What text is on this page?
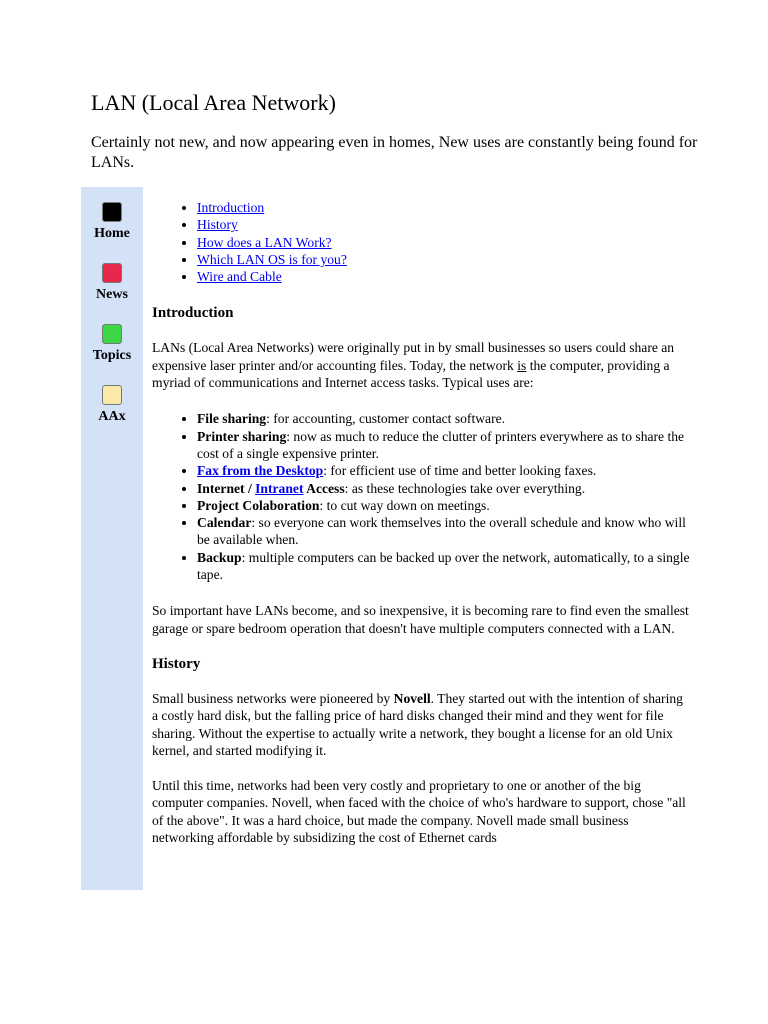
LAN (Local Area Network)

Certainly not new, and now appearing even in homes, New uses are constantly being found for LANs.

Home
News
Topics
AAx
• Introduction
• History
• How does a LAN Work?
• Which LAN OS is for you?
• Wire and Cable
Introduction

LANs (Local Area Networks) were originally put in by small businesses so users could share an expensive laser printer and/or accounting files. Today, the network is the computer, providing a myriad of communications and Internet access tasks. Typical uses are:

• File sharing: for accounting, customer contact software.
• Printer sharing: now as much to reduce the clutter of printers everywhere as to share the cost of a single expensive printer.
• Fax from the Desktop: for efficient use of time and better looking faxes.
• Internet / Intranet Access: as these technologies take over everything.
• Project Colaboration: to cut way down on meetings.
• Calendar: so everyone can work themselves into the overall schedule and know who will be available when.
• Backup: multiple computers can be backed up over the network, automatically, to a single tape.

So important have LANs become, and so inexpensive, it is becoming rare to find even the smallest garage or spare bedroom operation that doesn't have multiple computers connected with a LAN.

History

Small business networks were pioneered by Novell. They started out with the intention of sharing a costly hard disk, but the falling price of hard disks changed their mind and they went for file sharing. Without the expertise to actually write a network, they bought a license for an old Unix kernel, and started modifying it.

Until this time, networks had been very costly and proprietary to one or another of the big computer companies. Novell, when faced with the choice of who's hardware to support, chose "all of the above". It was a hard choice, but made the company. Novell made small business networking affordable by subsidizing the cost of Ethernet cards
